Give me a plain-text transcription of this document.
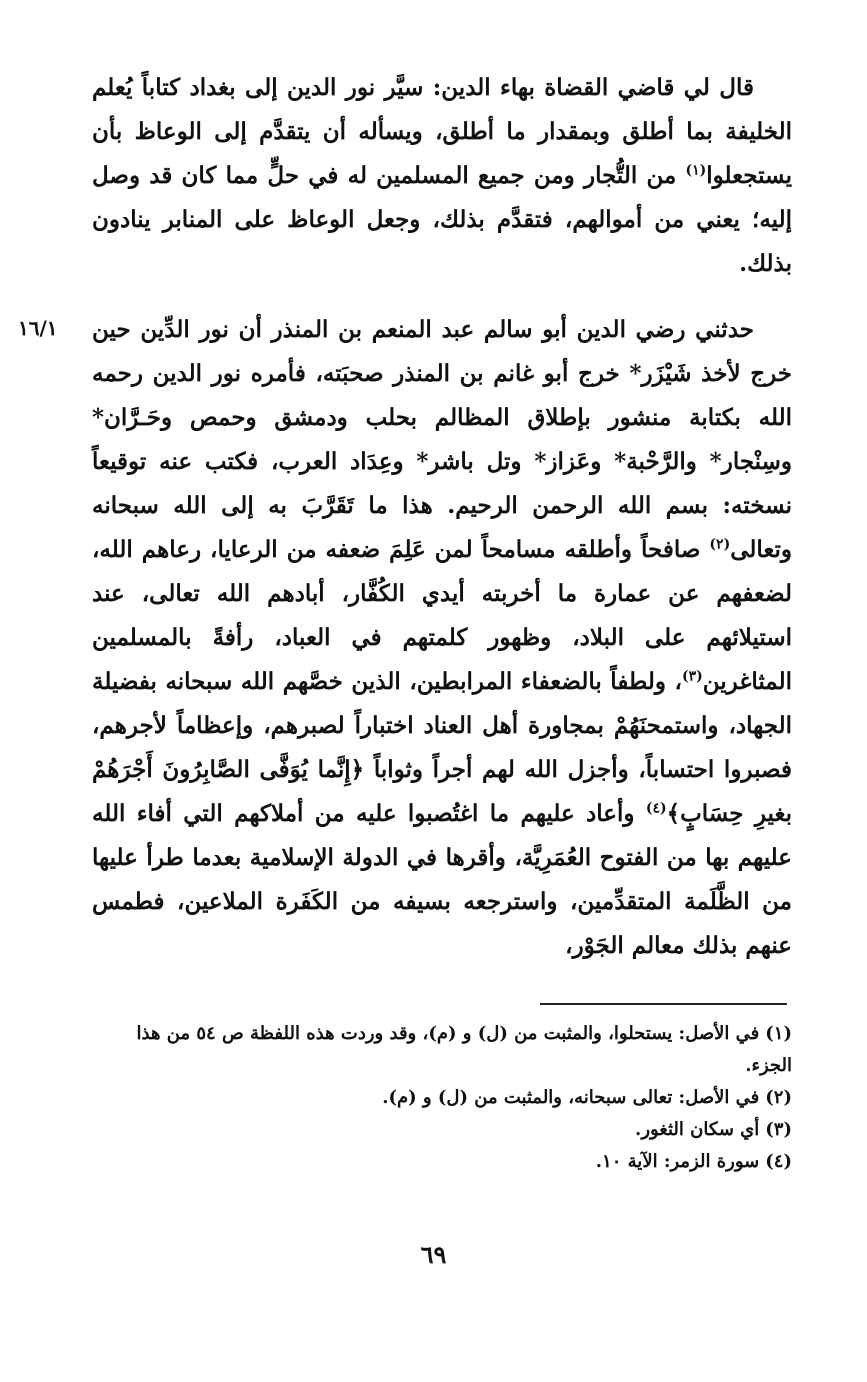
قال لي قاضي القضاة بهاء الدين: سيَّر نور الدين إلى بغداد كتاباً يُعلم الخليفة بما أطلق وبمقدار ما أطلق، ويسأله أن يتقدَّم إلى الوعاظ بأن يستجعلوا$^{(١)}$ من التُّجار ومن جميع المسلمين له في حلٍّ مما كان قد وصل إليه؛ يعني من أموالهم، فتقدَّم بذلك، وجعل الوعاظ على المنابر ينادون بذلك.

١٦/١ حدثني رضي الدين أبو سالم عبد المنعم بن المنذر أن نور الدِّين حين خرج لأخذ شَيْزَر* خرج أبو غانم بن المنذر صحبَته، فأمره نور الدين رحمه الله بكتابة منشور بإطلاق المظالم بحلب ودمشق وحمص وحَـرَّان* وسِنْجار* والرَّحْبة* وعَزاز* وتل باشر* وعِدَاد العرب، فكتب عنه توقيعاً نسخته: بسم الله الرحمن الرحيم. هذا ما تَقَرَّبَ به إلى الله سبحانه وتعالى$^{(٢)}$ صافحاً وأطلقه مسامحاً لمن عَلِمَ ضعفه من الرعايا، رعاهم الله، لضعفهم عن عمارة ما أخربته أيدي الكُفَّار، أبادهم الله تعالى، عند استيلائهم على البلاد، وظهور كلمتهم في العباد، رأفةً بالمسلمين المثاغرين$^{(٣)}$، ولطفاً بالضعفاء المرابطين، الذين خصَّهم الله سبحانه بفضيلة الجهاد، واستمحنَهُمْ بمجاورة أهل العناد اختباراً لصبرهم، وإعظاماً لأجرهم، فصبروا احتساباً، وأجزل الله لهم أجراً وثواباً ﴿إِنَّما يُوَفَّى الصَّابِرُونَ أَجْرَهُمْ بغيرِ حِسَابٍ﴾$^{(٤)}$ وأعاد عليهم ما اغتُصبوا عليه من أملاكهم التي أفاء الله عليهم بها من الفتوح العُمَرِيَّة، وأقرها في الدولة الإسلامية بعدما طرأ عليها من الظَّلَمة المتقدِّمين، واسترجعه بسيفه من الكَفَرة الملاعين، فطمس عنهم بذلك معالم الجَوْر،

(١)في الأصل: يستحلوا، والمثبت من (ل) و (م)، وقد وردت هذه اللفظة ص ٥٤ من هذا الجزء.

(٢)في الأصل: تعالى سبحانه، والمثبت من (ل) و (م).

(٣)أي سكان الثغور.

(٤)سورة الزمر: الآية ١٠.

٦٩
